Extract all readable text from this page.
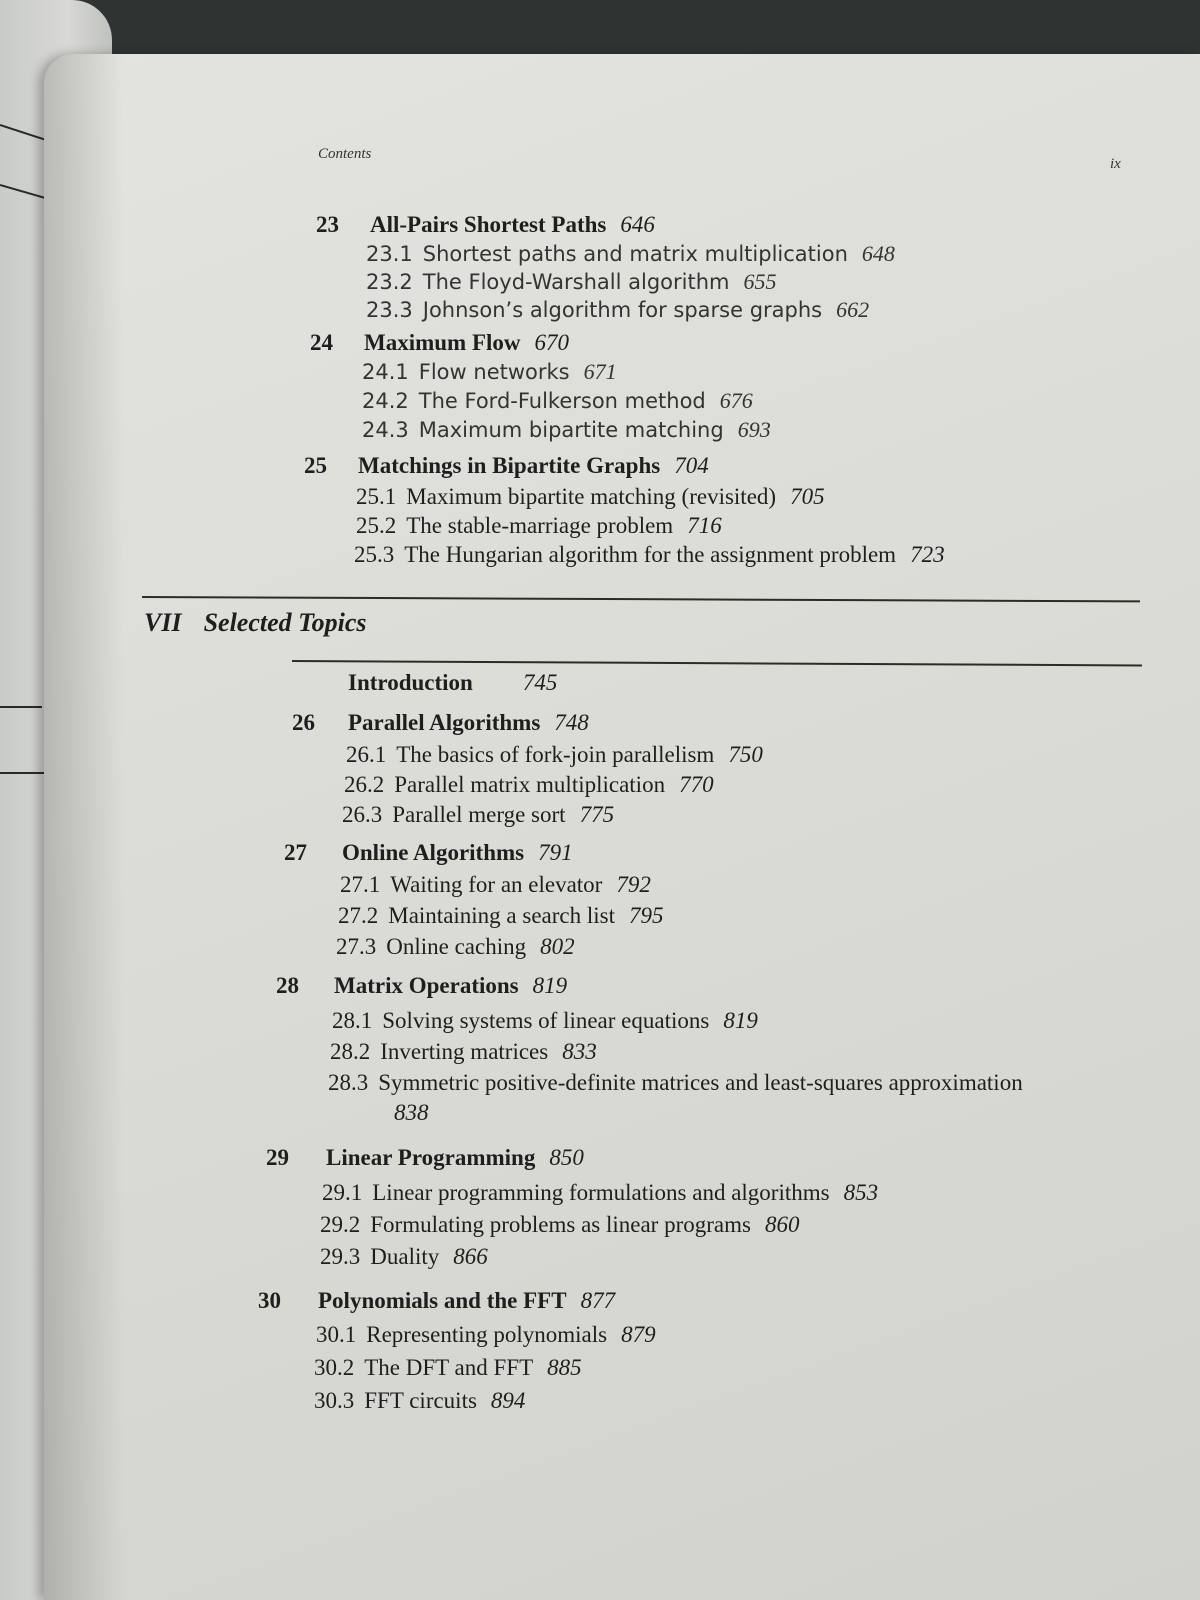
Contents
ix
23 All-Pairs Shortest Paths 646
23.1 Shortest paths and matrix multiplication 648
23.2 The Floyd-Warshall algorithm 655
23.3 Johnson’s algorithm for sparse graphs 662
24 Maximum Flow 670
24.1 Flow networks 671
24.2 The Ford-Fulkerson method 676
24.3 Maximum bipartite matching 693
25 Matchings in Bipartite Graphs 704
25.1 Maximum bipartite matching (revisited) 705
25.2 The stable-marriage problem 716
25.3 The Hungarian algorithm for the assignment problem 723
VII Selected Topics
Introduction 745
26 Parallel Algorithms 748
26.1 The basics of fork-join parallelism 750
26.2 Parallel matrix multiplication 770
26.3 Parallel merge sort 775
27 Online Algorithms 791
27.1 Waiting for an elevator 792
27.2 Maintaining a search list 795
27.3 Online caching 802
28 Matrix Operations 819
28.1 Solving systems of linear equations 819
28.2 Inverting matrices 833
28.3 Symmetric positive-definite matrices and least-squares approximation
838
29 Linear Programming 850
29.1 Linear programming formulations and algorithms 853
29.2 Formulating problems as linear programs 860
29.3 Duality 866
30 Polynomials and the FFT 877
30.1 Representing polynomials 879
30.2 The DFT and FFT 885
30.3 FFT circuits 894
